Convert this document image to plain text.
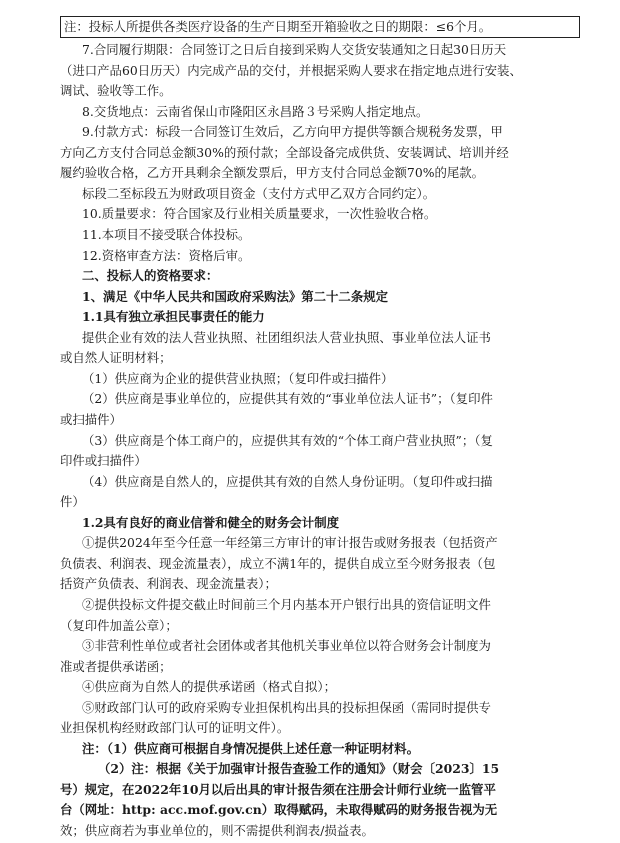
注：投标人所提供各类医疗设备的生产日期至开箱验收之日的期限：≤6个月。
7.合同履行期限：合同签订之日后自接到采购人交货安装通知之日起30日历天
（进口产品60日历天）内完成产品的交付，并根据采购人要求在指定地点进行安装、
调试、验收等工作。
8.交货地点：云南省保山市隆阳区永昌路３号采购人指定地点。
9.付款方式：标段一合同签订生效后，乙方向甲方提供等额合规税务发票，甲
方向乙方支付合同总金额30%的预付款；全部设备完成供货、安装调试、培训并经
履约验收合格，乙方开具剩余全额发票后，甲方支付合同总金额70%的尾款。
标段二至标段五为财政项目资金（支付方式甲乙双方合同约定）。
10.质量要求：符合国家及行业相关质量要求，一次性验收合格。
11.本项目不接受联合体投标。
12.资格审查方法：资格后审。
二、投标人的资格要求：
1、满足《中华人民共和国政府采购法》第二十二条规定
1.1具有独立承担民事责任的能力
提供企业有效的法人营业执照、社团组织法人营业执照、事业单位法人证书
或自然人证明材料；
（1）供应商为企业的提供营业执照；（复印件或扫描件）
（2）供应商是事业单位的，应提供其有效的“事业单位法人证书”；（复印件
或扫描件）
（3）供应商是个体工商户的，应提供其有效的“个体工商户营业执照”；（复
印件或扫描件）
（4）供应商是自然人的，应提供其有效的自然人身份证明。（复印件或扫描
件）
1.2具有良好的商业信誉和健全的财务会计制度
①提供2024年至今任意一年经第三方审计的审计报告或财务报表（包括资产
负债表、利润表、现金流量表），成立不满1年的，提供自成立至今财务报表（包
括资产负债表、利润表、现金流量表）；
②提供投标文件提交截止时间前三个月内基本开户银行出具的资信证明文件
（复印件加盖公章）；
③非营利性单位或者社会团体或者其他机关事业单位以符合财务会计制度为
准或者提供承诺函；
④供应商为自然人的提供承诺函（格式自拟）；
⑤财政部门认可的政府采购专业担保机构出具的投标担保函（需同时提供专
业担保机构经财政部门认可的证明文件）。
注：（1）供应商可根据自身情况提供上述任意一种证明材料。
（2）注：根据《关于加强审计报告查验工作的通知》（财会〔2023〕15
号）规定，在2022年10月以后出具的审计报告须在注册会计师行业统一监管平
台（网址：http: acc.mof.gov.cn）取得赋码，未取得赋码的财务报告视为无
效；供应商若为事业单位的，则不需提供利润表/损益表。
